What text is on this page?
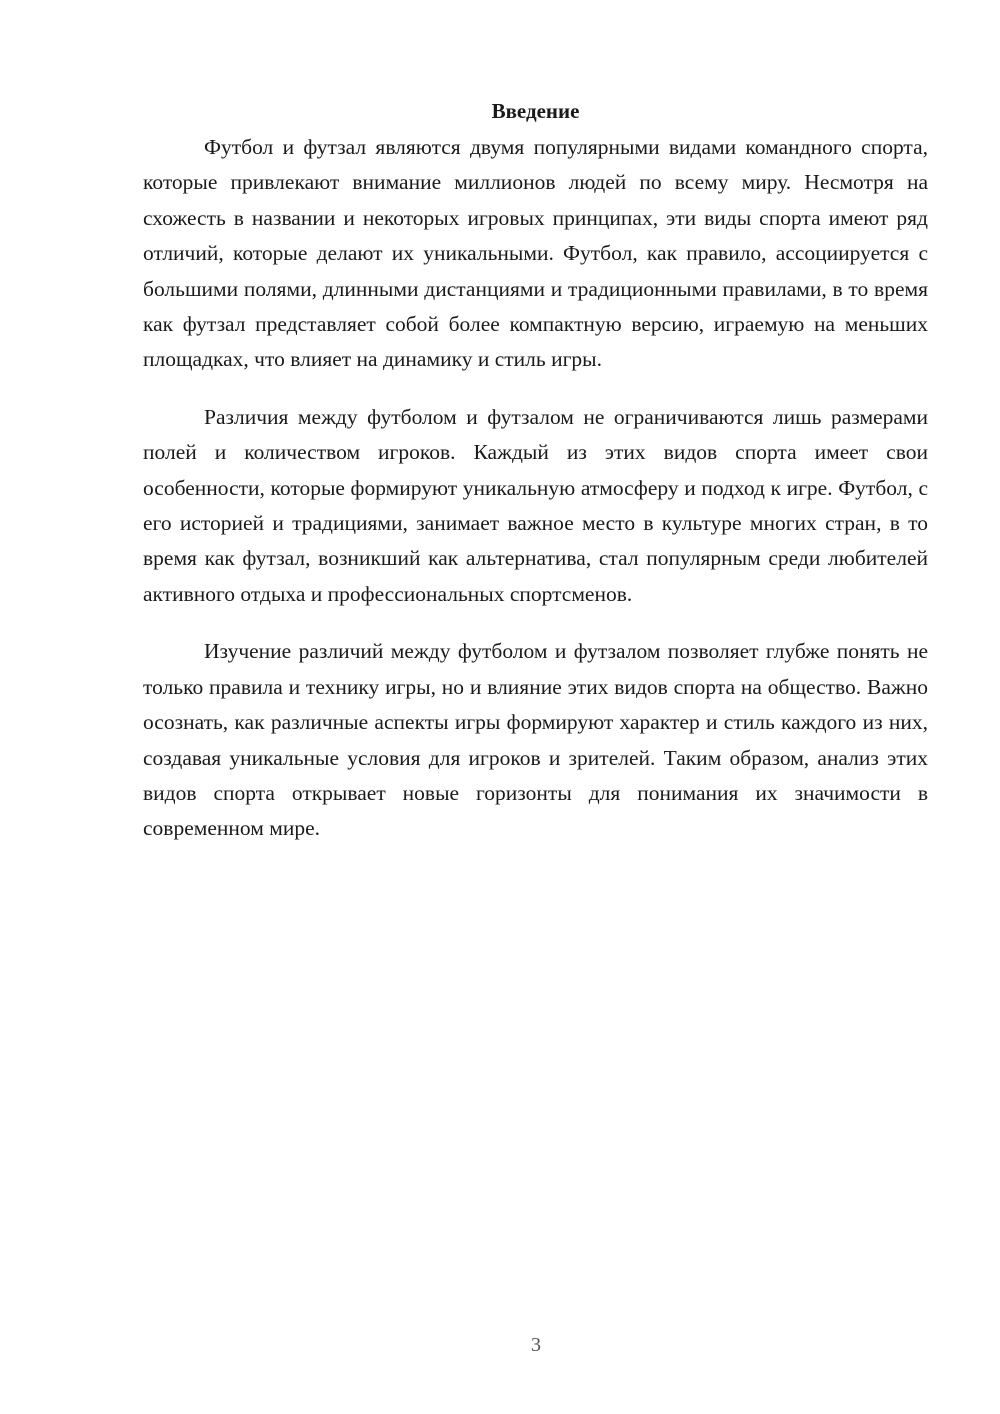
Введение

Футбол и футзал являются двумя популярными видами командного спорта, которые привлекают внимание миллионов людей по всему миру. Несмотря на схожесть в названии и некоторых игровых принципах, эти виды спорта имеют ряд отличий, которые делают их уникальными. Футбол, как правило, ассоциируется с большими полями, длинными дистанциями и традиционными правилами, в то время как футзал представляет собой более компактную версию, играемую на меньших площадках, что влияет на динамику и стиль игры.

Различия между футболом и футзалом не ограничиваются лишь размерами полей и количеством игроков. Каждый из этих видов спорта имеет свои особенности, которые формируют уникальную атмосферу и подход к игре. Футбол, с его историей и традициями, занимает важное место в культуре многих стран, в то время как футзал, возникший как альтернатива, стал популярным среди любителей активного отдыха и профессиональных спортсменов.

Изучение различий между футболом и футзалом позволяет глубже понять не только правила и технику игры, но и влияние этих видов спорта на общество. Важно осознать, как различные аспекты игры формируют характер и стиль каждого из них, создавая уникальные условия для игроков и зрителей. Таким образом, анализ этих видов спорта открывает новые горизонты для понимания их значимости в современном мире.

3
